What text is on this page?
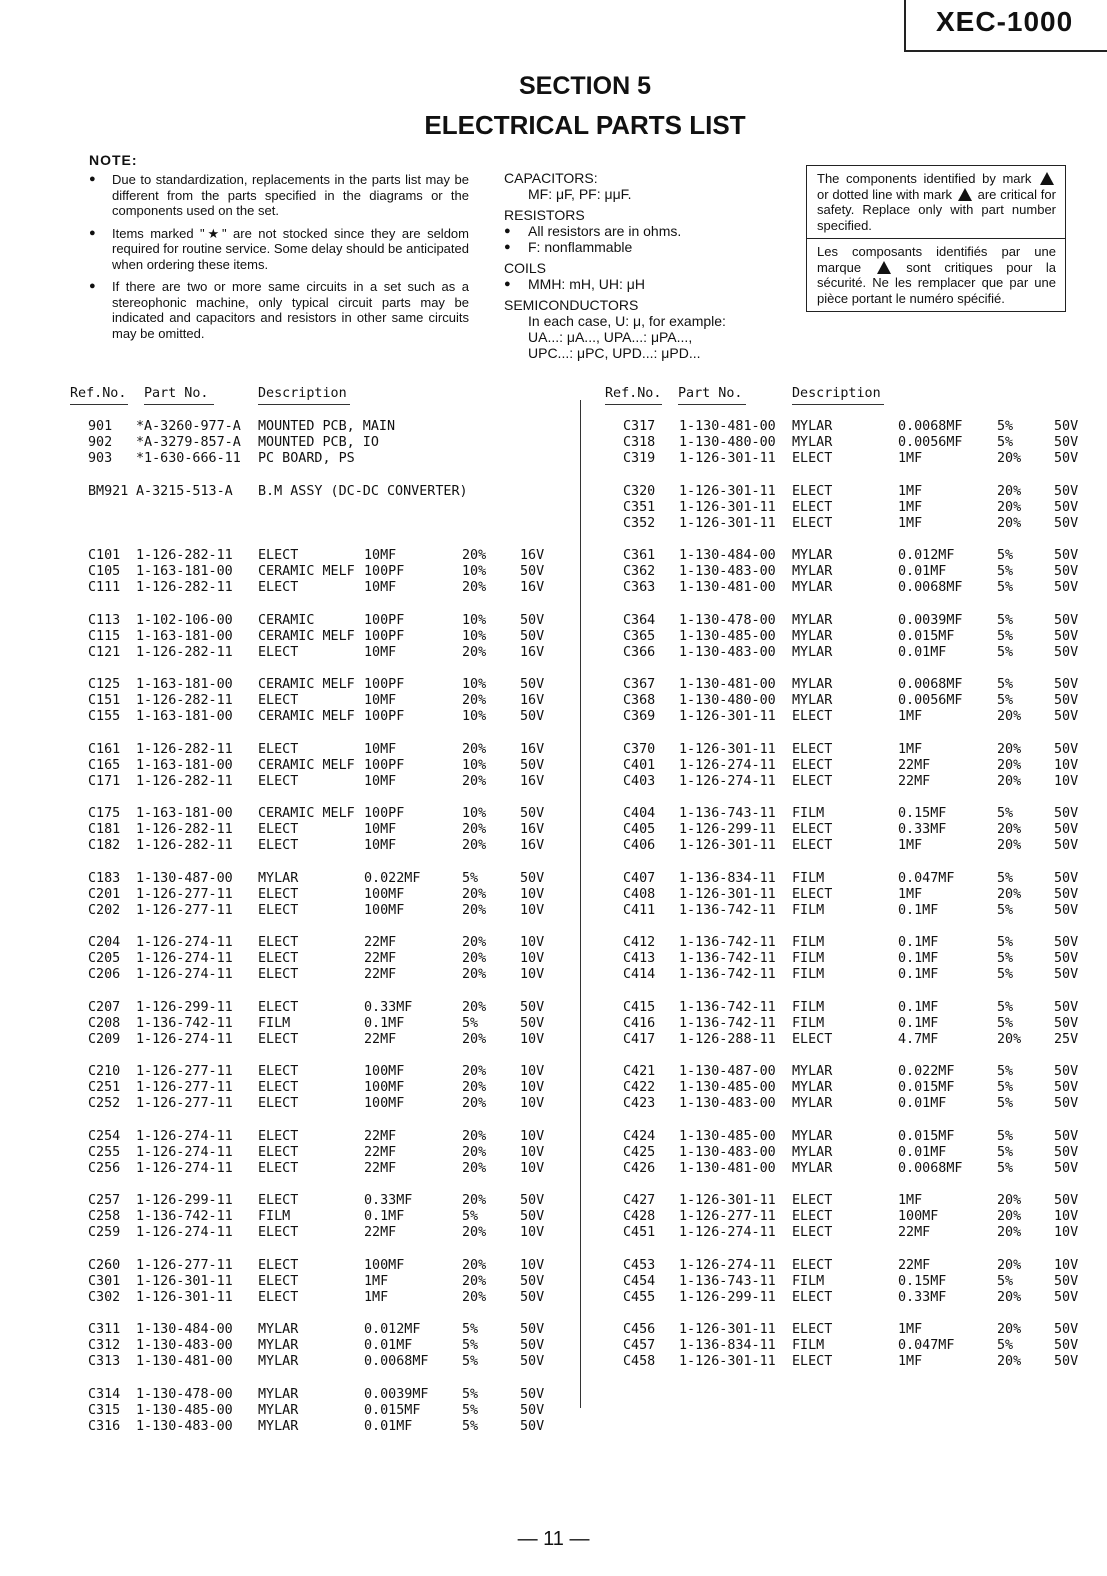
XEC-1000
SECTION 5
ELECTRICAL PARTS LIST
NOTE:
● Due to standardization, replacements in the parts list may be different from the parts specified in the diagrams or the components used on the set.
● Items marked "★" are not stocked since they are seldom required for routine service. Some delay should be anticipated when ordering these items.
● If there are two or more same circuits in a set such as a stereophonic machine, only typical circuit parts may be indicated and capacitors and resistors in other same circuits may be omitted.
CAPACITORS:
MF: μF, PF: μμF.
RESISTORS
● All resistors are in ohms.
● F: nonflammable
COILS
● MMH: mH, UH: μH
SEMICONDUCTORS
In each case, U: μ, for example:
UA...: μA..., UPA...: μPA...,
UPC...: μPC, UPD...: μPD...
The components identified by mark  or dotted line with mark are critical for safety. Replace only with part number specified.
Les composants identifiés par une marque	sont critiques pour la sécurité. Ne les remplacer que par une pièce portant le numéro spécifié.
Ref.No. Part No.	Description
901 *A-3260-977-A MOUNTED PCB, MAIN
902 *A-3279-857-A MOUNTED PCB, IO
903 *1-630-666-11 PC BOARD, PS
BM921 A-3215-513-A B.M ASSY (DC-DC CONVERTER)
C101 1-126-282-11 ELECT	10MF	20%	16V
C105 1-163-181-00 CERAMIC MELF 100PF	10%	50V
C111 1-126-282-11 ELECT	10MF	20%	16V
C113 1-102-106-00 CERAMIC	100PF	10%	50V
C115 1-163-181-00 CERAMIC MELF 100PF	10%	50V
C121 1-126-282-11 ELECT	10MF	20%	16V
C125 1-163-181-00 CERAMIC MELF 100PF	10%	50V
C151 1-126-282-11 ELECT	10MF	20%	16V
C155 1-163-181-00 CERAMIC MELF 100PF	10%	50V
C161 1-126-282-11 ELECT	10MF	20%	16V
C165 1-163-181-00 CERAMIC MELF 100PF	10%	50V
C171 1-126-282-11 ELECT	10MF	20%	16V
C175 1-163-181-00 CERAMIC MELF 100PF	10%	50V
C181 1-126-282-11 ELECT	10MF	20%	16V
C182 1-126-282-11 ELECT	10MF	20%	16V
C183 1-130-487-00 MYLAR	0.022MF	5%	50V
C201 1-126-277-11 ELECT	100MF	20%	10V
C202 1-126-277-11 ELECT	100MF	20%	10V
C204 1-126-274-11 ELECT	22MF	20%	10V
C205 1-126-274-11 ELECT	22MF	20%	10V
C206 1-126-274-11 ELECT	22MF	20%	10V
C207 1-126-299-11 ELECT	0.33MF	20%	50V
C208 1-136-742-11 FILM	0.1MF	5%	50V
C209 1-126-274-11 ELECT	22MF	20%	10V
C210 1-126-277-11 ELECT	100MF	20%	10V
C251 1-126-277-11 ELECT	100MF	20%	10V
C252 1-126-277-11 ELECT	100MF	20%	10V
C254 1-126-274-11 ELECT	22MF	20%	10V
C255 1-126-274-11 ELECT	22MF	20%	10V
C256 1-126-274-11 ELECT	22MF	20%	10V
C257 1-126-299-11 ELECT	0.33MF	20%	50V
C258 1-136-742-11 FILM	0.1MF	5%	50V
C259 1-126-274-11 ELECT	22MF	20%	10V
C260 1-126-277-11 ELECT	100MF	20%	10V
C301 1-126-301-11 ELECT	1MF	20%	50V
C302 1-126-301-11 ELECT	1MF	20%	50V
C311 1-130-484-00 MYLAR	0.012MF	5%	50V
C312 1-130-483-00 MYLAR	0.01MF	5%	50V
C313 1-130-481-00 MYLAR	0.0068MF	5%	50V
C314 1-130-478-00 MYLAR	0.0039MF	5%	50V
C315 1-130-485-00 MYLAR	0.015MF	5%	50V
C316 1-130-483-00 MYLAR	0.01MF	5%	50V
Ref.No. Part No.	Description
C317 1-130-481-00 MYLAR	0.0068MF	5%	50V
C318 1-130-480-00 MYLAR	0.0056MF	5%	50V
C319 1-126-301-11 ELECT	1MF	20% 50V
C320 1-126-301-11 ELECT	1MF	20% 50V
C351 1-126-301-11 ELECT	1MF	20% 50V
C352 1-126-301-11 ELECT	1MF	20% 50V
C361 1-130-484-00 MYLAR	0.012MF	5%	50V
C362 1-130-483-00 MYLAR	0.01MF	5%	50V
C363 1-130-481-00 MYLAR	0.0068MF	5%	50V
C364 1-130-478-00 MYLAR	0.0039MF	5%	50V
C365 1-130-485-00 MYLAR	0.015MF	5%	50V
C366 1-130-483-00 MYLAR	0.01MF	5%	50V
C367 1-130-481-00 MYLAR	0.0068MF	5%	50V
C368 1-130-480-00 MYLAR	0.0056MF	5%	50V
C369 1-126-301-11 ELECT	1MF	20% 50V
C370 1-126-301-11 ELECT	1MF	20% 50V
C401 1-126-274-11 ELECT	22MF	20% 10V
C403 1-126-274-11 ELECT	22MF	20% 10V
C404 1-136-743-11 FILM	0.15MF	5%	50V
C405 1-126-299-11 ELECT	0.33MF	20% 50V
C406 1-126-301-11 ELECT	1MF	20% 50V
C407 1-136-834-11 FILM	0.047MF	5%	50V
C408 1-126-301-11 ELECT	1MF	20% 50V
C411 1-136-742-11 FILM	0.1MF	5%	50V
C412 1-136-742-11 FILM	0.1MF	5%	50V
C413 1-136-742-11 FILM	0.1MF	5%	50V
C414 1-136-742-11 FILM	0.1MF	5%	50V
C415 1-136-742-11 FILM	0.1MF	5%	50V
C416 1-136-742-11 FILM	0.1MF	5%	50V
C417 1-126-288-11 ELECT	4.7MF	20% 25V
C421 1-130-487-00 MYLAR	0.022MF	5%	50V
C422 1-130-485-00 MYLAR	0.015MF	5%	50V
C423 1-130-483-00 MYLAR	0.01MF	5%	50V
C424 1-130-485-00 MYLAR	0.015MF	5%	50V
C425 1-130-483-00 MYLAR	0.01MF	5%	50V
C426 1-130-481-00 MYLAR	0.0068MF	5%	50V
C427 1-126-301-11 ELECT	1MF	20% 50V
C428 1-126-277-11 ELECT	100MF	20% 10V
C451 1-126-274-11 ELECT	22MF	20% 10V
C453 1-126-274-11 ELECT	22MF	20% 10V
C454 1-136-743-11 FILM	0.15MF	5%	50V
C455 1-126-299-11 ELECT	0.33MF	20% 50V
C456 1-126-301-11 ELECT	1MF	20% 50V
C457 1-136-834-11 FILM	0.047MF	5%	50V
C458 1-126-301-11 ELECT	1MF	20% 50V
— 11 —
